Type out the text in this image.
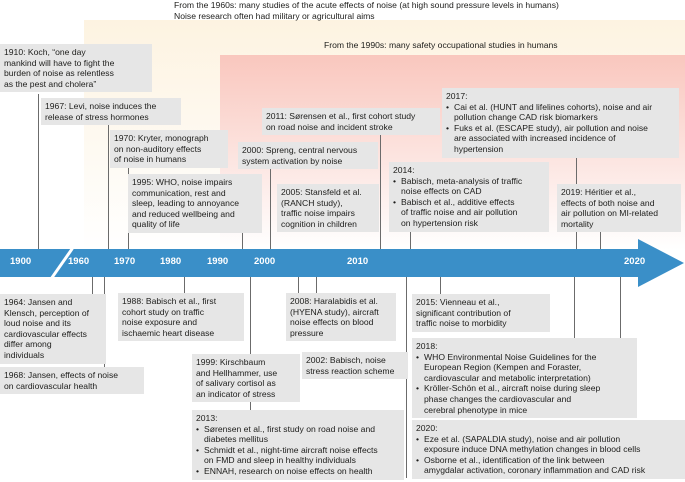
From the 1960s: many studies of the acute effects of noise (at high sound pressure levels in humans)
Noise research often had military or agricultural aims
From the 1990s: many safety occupational studies in humans
1900	1960	1970	1980	1990	2000	2010	2020
1910: Koch, “one day
mankind will have to fight the
burden of noise as relentless
as the pest and cholera”
1967: Levi, noise induces the
release of stress hormones
1970: Kryter, monograph
on non-auditory effects
of noise in humans
1995: WHO, noise impairs
communication, rest and
sleep, leading to annoyance
and reduced wellbeing and
quality of life
2000: Spreng, central nervous
system activation by noise
2011: Sørensen et al., first cohort study
on road noise and incident stroke
2005: Stansfeld et al.
(RANCH study),
traffic noise impairs
cognition in children
2014:
• Babisch, meta-analysis of traffic
noise effects on CAD
• Babisch et al., additive effects
of traffic noise and air pollution
on hypertension risk
2017:
• Cai et al. (HUNT and lifelines cohorts), noise and air
pollution change CAD risk biomarkers
• Fuks et al. (ESCAPE study), air pollution and noise
are associated with increased incidence of
hypertension
2019: Héritier et al.,
effects of both noise and
air pollution on MI-related
mortality
1964: Jansen and
Klensch, perception of
loud noise and its
cardiovascular effects
differ among
individuals
1968: Jansen, effects of noise
on cardiovascular health
1988: Babisch et al., first
cohort study on traffic
noise exposure and
ischaemic heart disease
1999: Kirschbaum
and Hellhammer, use
of salivary cortisol as
an indicator of stress
2008: Haralabidis et al.
(HYENA study), aircraft
noise effects on blood
pressure
2002: Babisch, noise
stress reaction scheme
2013:
• Sørensen et al., first study on road noise and
diabetes mellitus
• Schmidt et al., night-time aircraft noise effects
on FMD and sleep in healthy individuals
• ENNAH, research on noise effects on health
2015: Vienneau et al.,
significant contribution of
traffic noise to morbidity
2018:
• WHO Environmental Noise Guidelines for the
European Region (Kempen and Foraster,
cardiovascular and metabolic interpretation)
• Kröller-Schön et al., aircraft noise during sleep
phase changes the cardiovascular and
cerebral phenotype in mice
2020:
• Eze et al. (SAPALDIA study), noise and air pollution
exposure induce DNA methylation changes in blood cells
• Osborne et al., identification of the link between
amygdalar activation, coronary inflammation and CAD risk
